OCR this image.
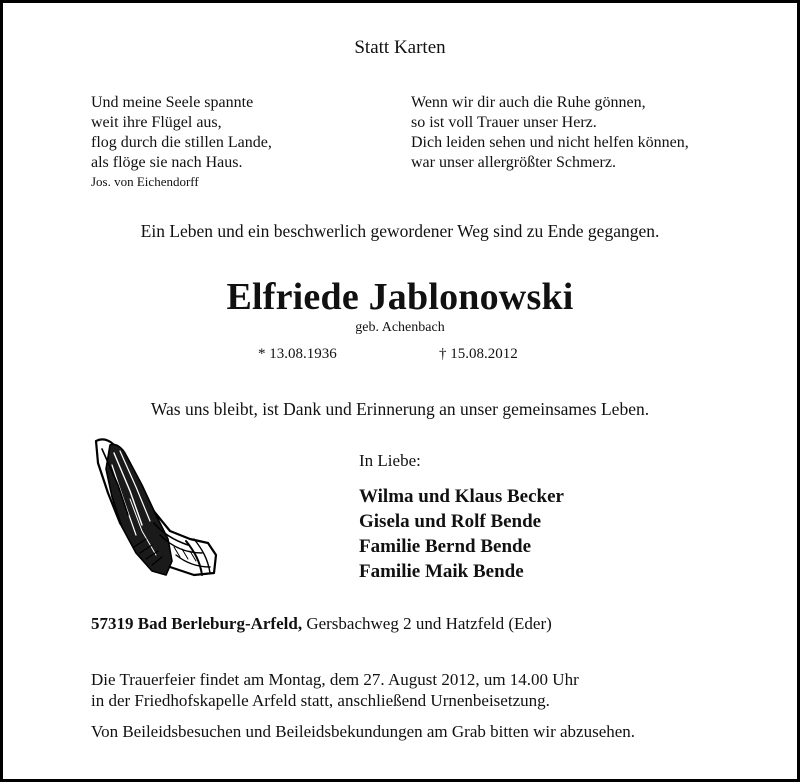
Statt Karten
Und meine Seele spannte
weit ihre Flügel aus,
flog durch die stillen Lande,
als flöge sie nach Haus.
Jos. von Eichendorff
Wenn wir dir auch die Ruhe gönnen,
so ist voll Trauer unser Herz.
Dich leiden sehen und nicht helfen können,
war unser allergrößter Schmerz.
Ein Leben und ein beschwerlich gewordener Weg sind zu Ende gegangen.
Elfriede Jablonowski
geb. Achenbach
* 13.08.1936	† 15.08.2012
Was uns bleibt, ist Dank und Erinnerung an unser gemeinsames Leben.
In Liebe:
Wilma und Klaus Becker
Gisela und Rolf Bende
Familie Bernd Bende
Familie Maik Bende
57319 Bad Berleburg-Arfeld, Gersbachweg 2 und Hatzfeld (Eder)
Die Trauerfeier findet am Montag, dem 27. August 2012, um 14.00 Uhr
in der Friedhofskapelle Arfeld statt, anschließend Urnenbeisetzung.
Von Beileidsbesuchen und Beileidsbekundungen am Grab bitten wir abzusehen.
